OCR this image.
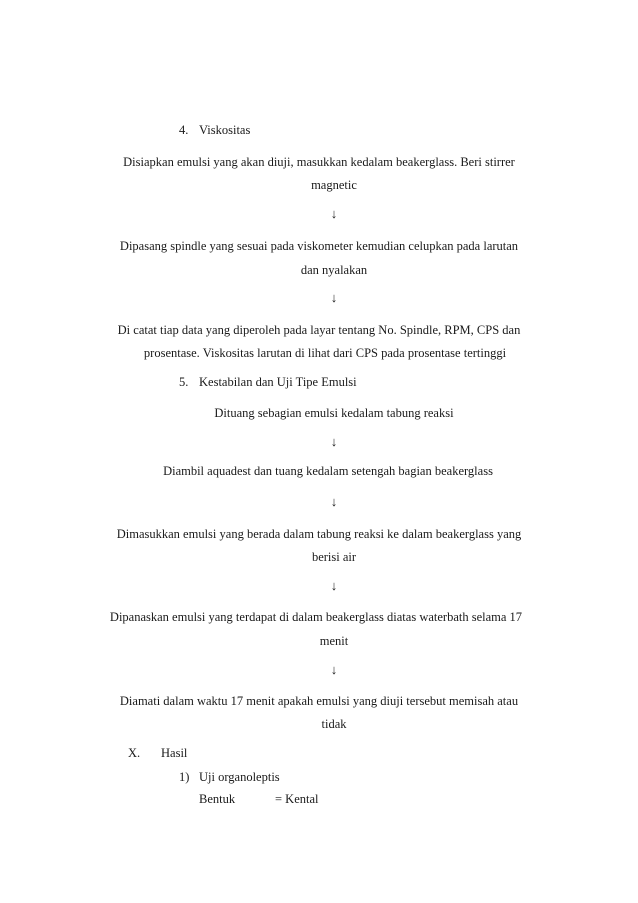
4. Viskositas
Disiapkan emulsi yang akan diuji, masukkan kedalam beakerglass. Beri stirrer
magnetic
↓
Dipasang spindle yang sesuai pada viskometer kemudian celupkan pada larutan
dan nyalakan
↓
Di catat tiap data yang diperoleh pada layar tentang No. Spindle, RPM, CPS dan
prosentase. Viskositas larutan di lihat dari CPS pada prosentase tertinggi
5. Kestabilan dan Uji Tipe Emulsi
Dituang sebagian emulsi kedalam tabung reaksi
↓
Diambil aquadest dan tuang kedalam setengah bagian beakerglass
↓
Dimasukkan emulsi yang berada dalam tabung reaksi ke dalam beakerglass yang
berisi air
↓
Dipanaskan emulsi yang terdapat di dalam beakerglass diatas waterbath selama 17
menit
↓
Diamati dalam waktu 17 menit apakah emulsi yang diuji tersebut memisah atau
tidak
X. Hasil
1) Uji organoleptis
Bentuk	= Kental
